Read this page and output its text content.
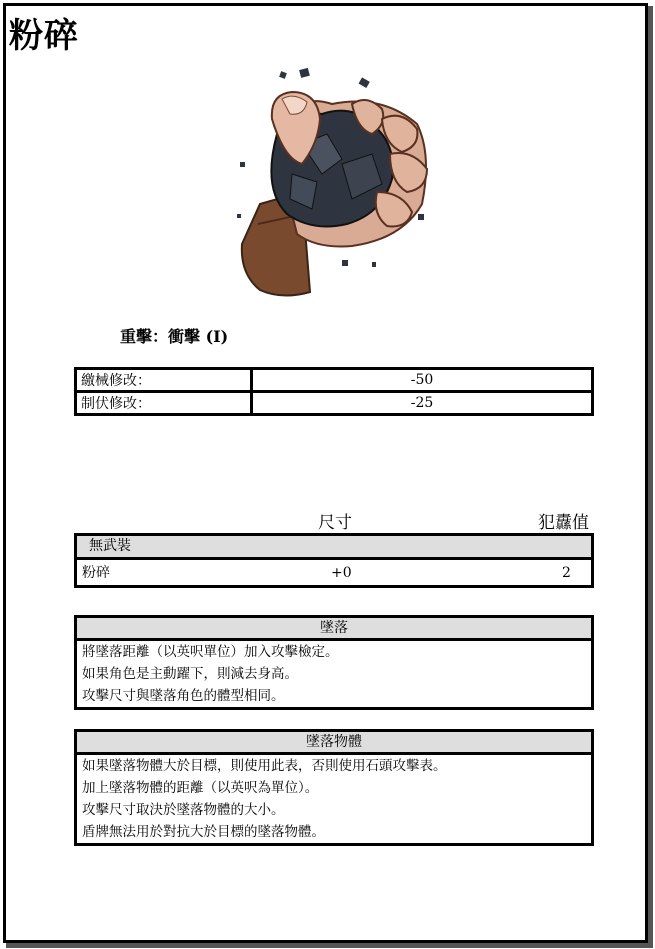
粉碎
重擊：衝擊 (I)
繳械修改：	-50
制伏修改：	-25
尺寸	犯纛值
無武裝
粉碎	+0	2
墜落
將墜落距離（以英呎單位）加入攻擊檢定。
如果角色是主動躍下，則減去身高。
攻擊尺寸與墜落角色的體型相同。
墜落物體
如果墜落物體大於目標，則使用此表，否則使用石頭攻擊表。
加上墜落物體的距離（以英呎為單位）。
攻擊尺寸取決於墜落物體的大小。
盾牌無法用於對抗大於目標的墜落物體。
